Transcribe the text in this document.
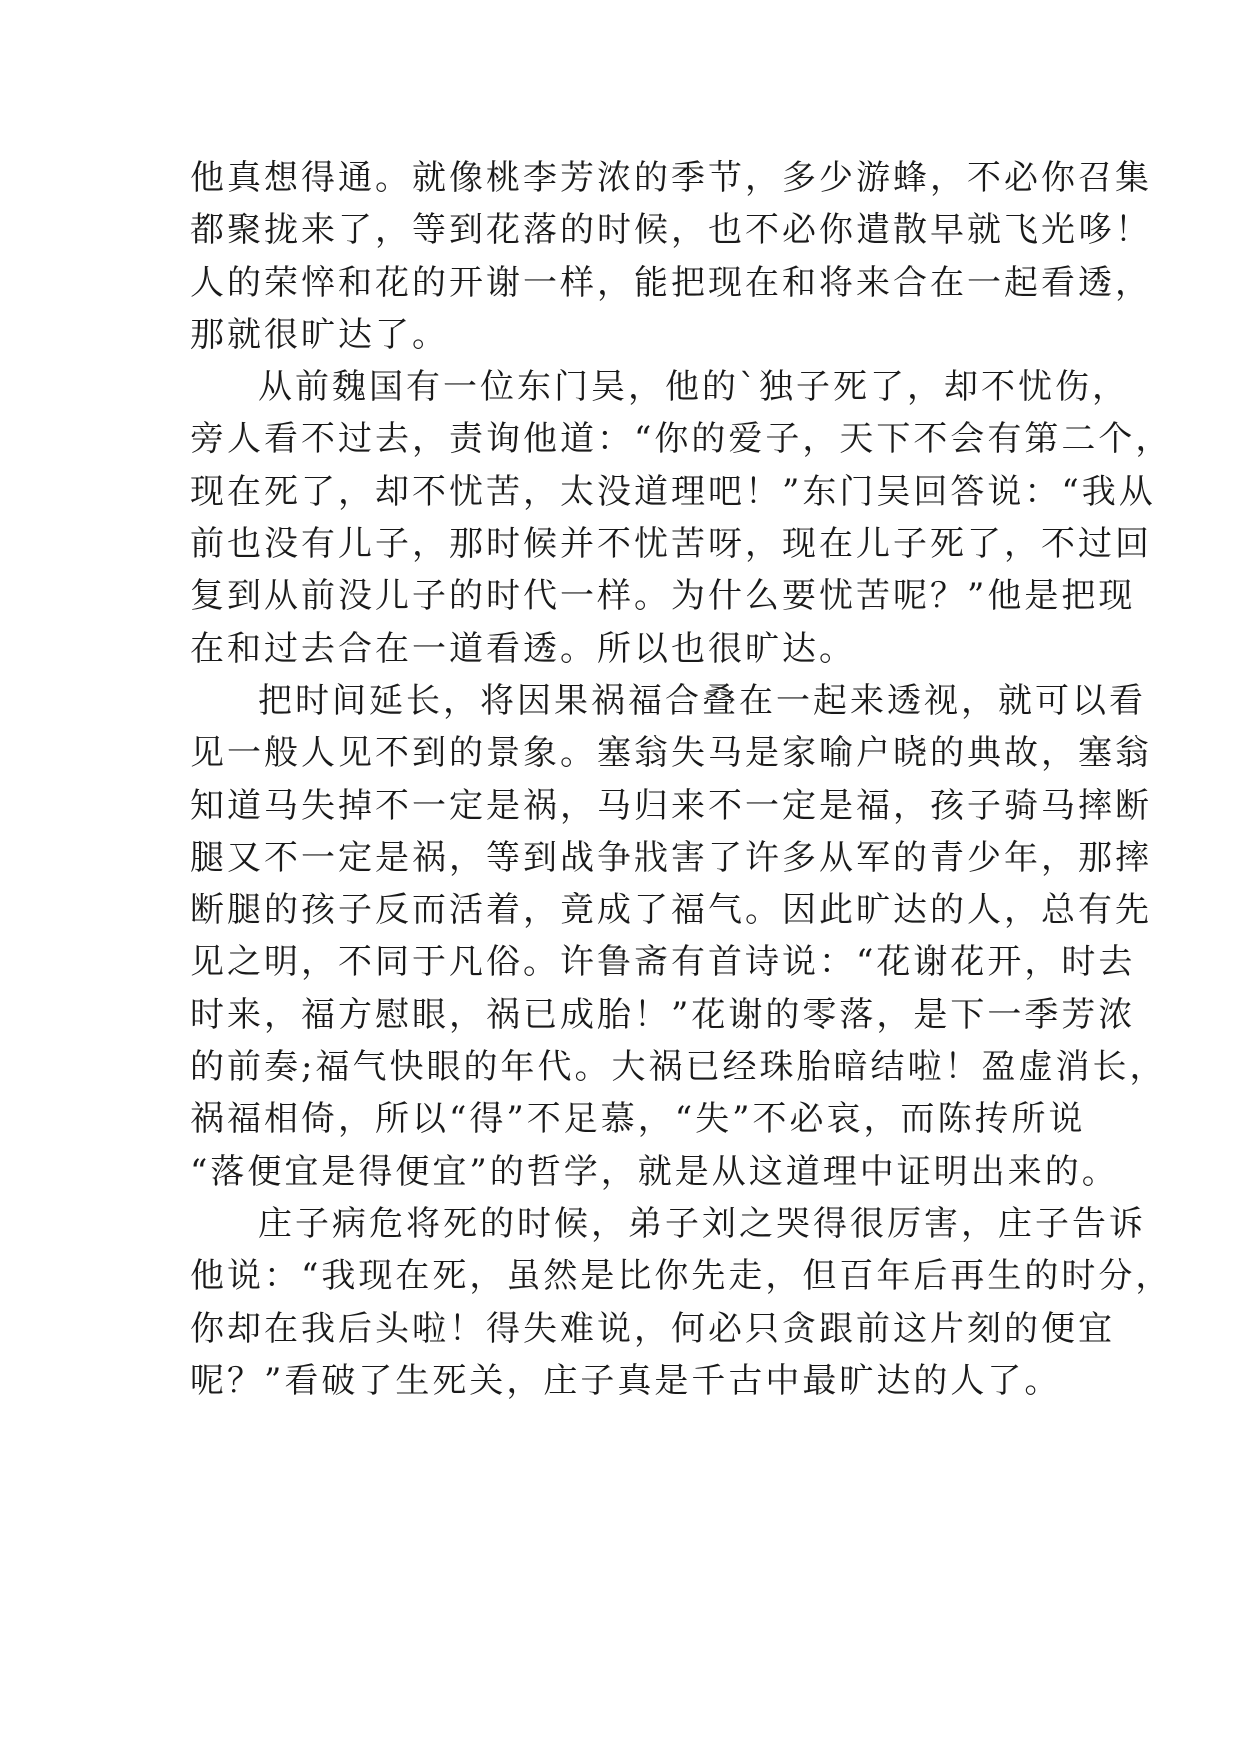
他真想得通。就像桃李芳浓的季节，多少游蜂，不必你召集
都聚拢来了，等到花落的时候，也不必你遣散早就飞光哆！
人的荣悴和花的开谢一样，能把现在和将来合在一起看透，
那就很旷达了。
从前魏国有一位东门吴，他的`独子死了，却不忧伤，
旁人看不过去，责询他道：“你的爱子，天下不会有第二个，
现在死了，却不忧苦，太没道理吧！”东门吴回答说：“我从
前也没有儿子，那时候并不忧苦呀，现在儿子死了，不过回
复到从前没儿子的时代一样。为什么要忧苦呢？”他是把现
在和过去合在一道看透。所以也很旷达。
把时间延长，将因果祸福合叠在一起来透视，就可以看
见一般人见不到的景象。塞翁失马是家喻户晓的典故，塞翁
知道马失掉不一定是祸，马归来不一定是福，孩子骑马摔断
腿又不一定是祸，等到战争戕害了许多从军的青少年，那摔
断腿的孩子反而活着，竟成了福气。因此旷达的人，总有先
见之明，不同于凡俗。许鲁斋有首诗说：“花谢花开，时去
时来，福方慰眼，祸已成胎！”花谢的零落，是下一季芳浓
的前奏;福气快眼的年代。大祸已经珠胎暗结啦！盈虚消长，
祸福相倚，所以“得”不足慕，“失”不必哀，而陈抟所说
“落便宜是得便宜”的哲学，就是从这道理中证明出来的。
庄子病危将死的时候，弟子刘之哭得很厉害，庄子告诉
他说：“我现在死，虽然是比你先走，但百年后再生的时分，
你却在我后头啦！得失难说，何必只贪跟前这片刻的便宜
呢？”看破了生死关，庄子真是千古中最旷达的人了。
